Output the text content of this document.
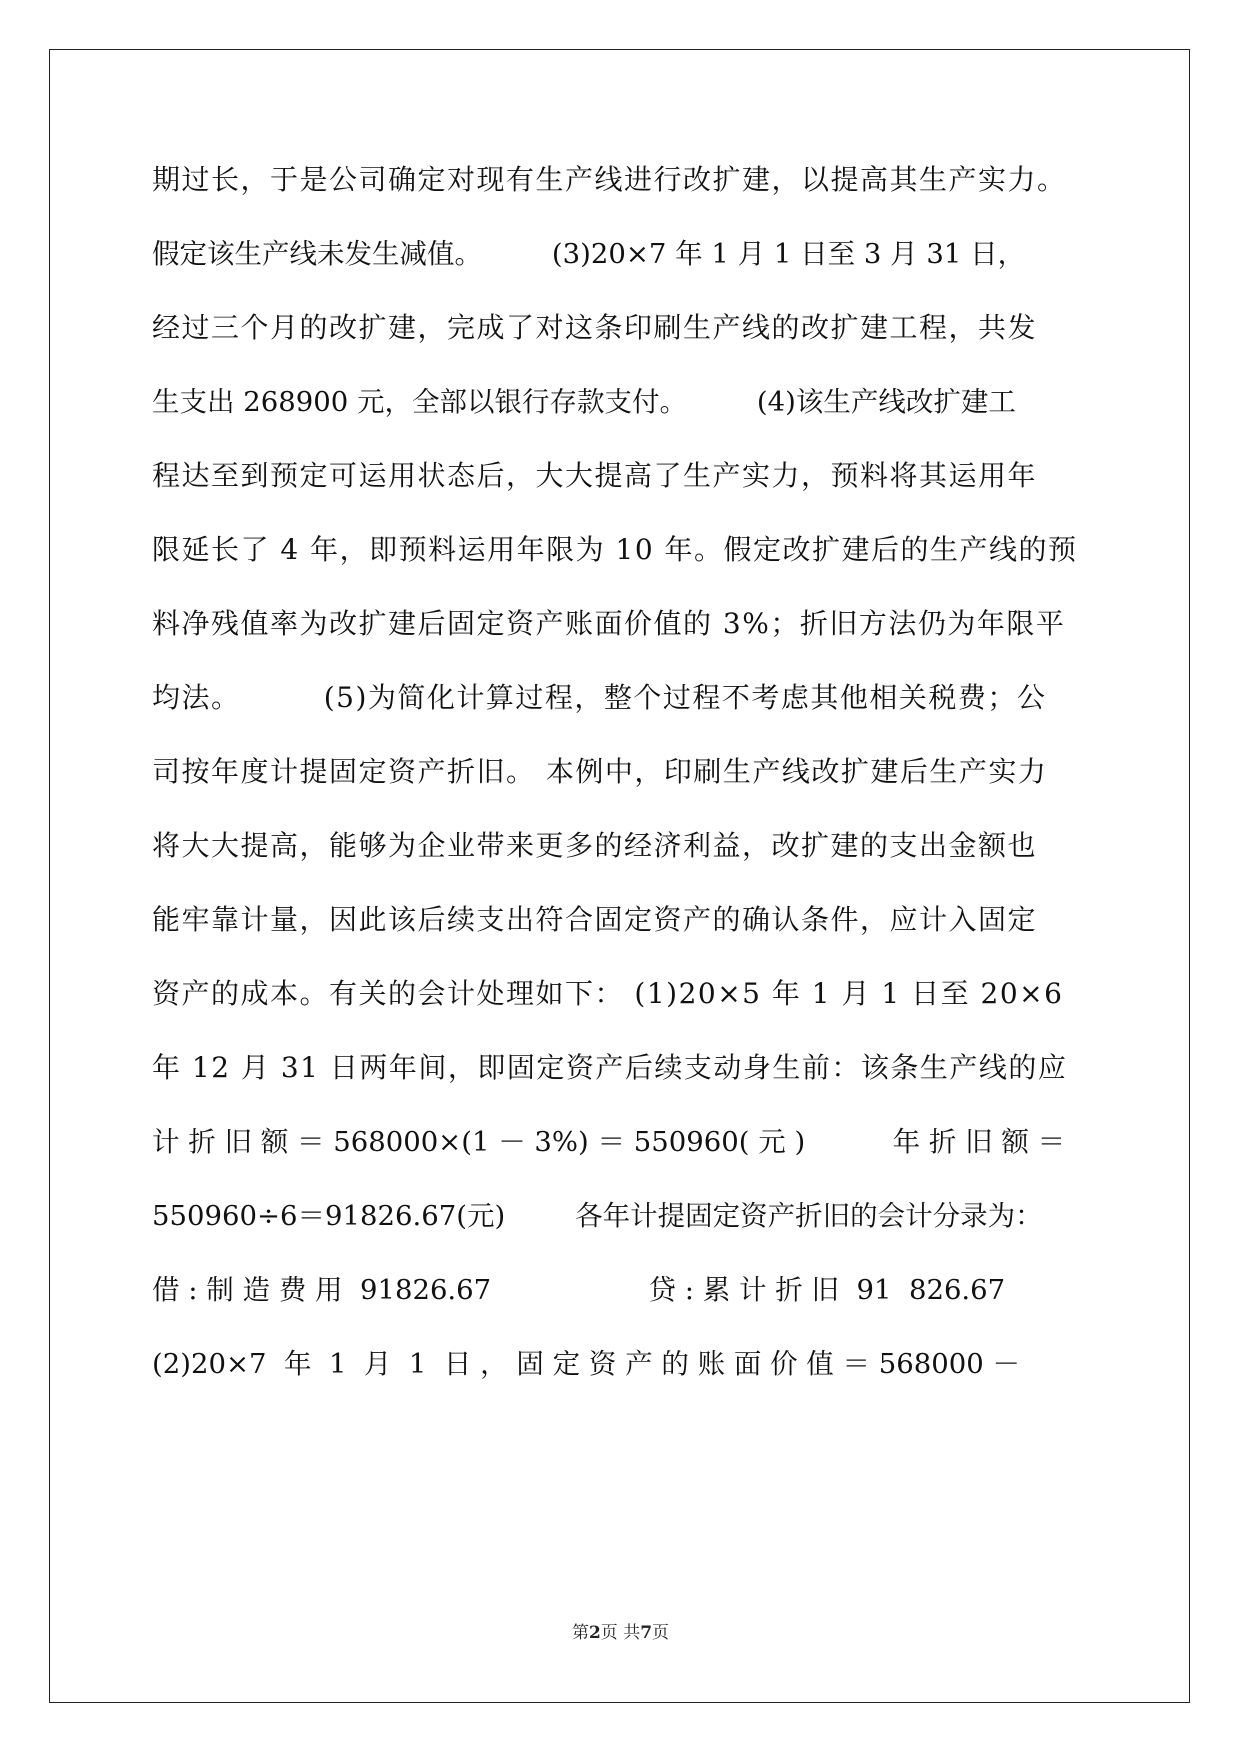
期过长，于是公司确定对现有生产线进行改扩建，以提高其生产实力。
假定该生产线未发生减值。        (3)20×7 年 1 月 1 日至 3 月 31 日，
经过三个月的改扩建，完成了对这条印刷生产线的改扩建工程，共发
生支出 268900 元，全部以银行存款支付。        (4)该生产线改扩建工
程达至到预定可运用状态后，大大提高了生产实力，预料将其运用年
限延长了 4 年，即预料运用年限为 10 年。假定改扩建后的生产线的预
料净残值率为改扩建后固定资产账面价值的 3%；折旧方法仍为年限平
均法。        (5)为简化计算过程，整个过程不考虑其他相关税费；公
司按年度计提固定资产折旧。 本例中，印刷生产线改扩建后生产实力
将大大提高，能够为企业带来更多的经济利益，改扩建的支出金额也
能牢靠计量，因此该后续支出符合固定资产的确认条件，应计入固定
资产的成本。有关的会计处理如下： (1)20×5 年 1 月 1 日至 20×6
年 12 月 31 日两年间，即固定资产后续支动身生前：该条生产线的应
计 折 旧 额 ＝ 568000×(1 － 3%) ＝ 550960( 元 )          年 折 旧 额 ＝
550960÷6＝91826.67(元)        各年计提固定资产折旧的会计分录为：
借 : 制 造 费 用  91826.67                  贷 : 累 计 折 旧  91  826.67
(2)20×7  年  1  月  1  日 ， 固 定 资 产 的 账 面 价 值 ＝ 568000 －
第2页 共7页
